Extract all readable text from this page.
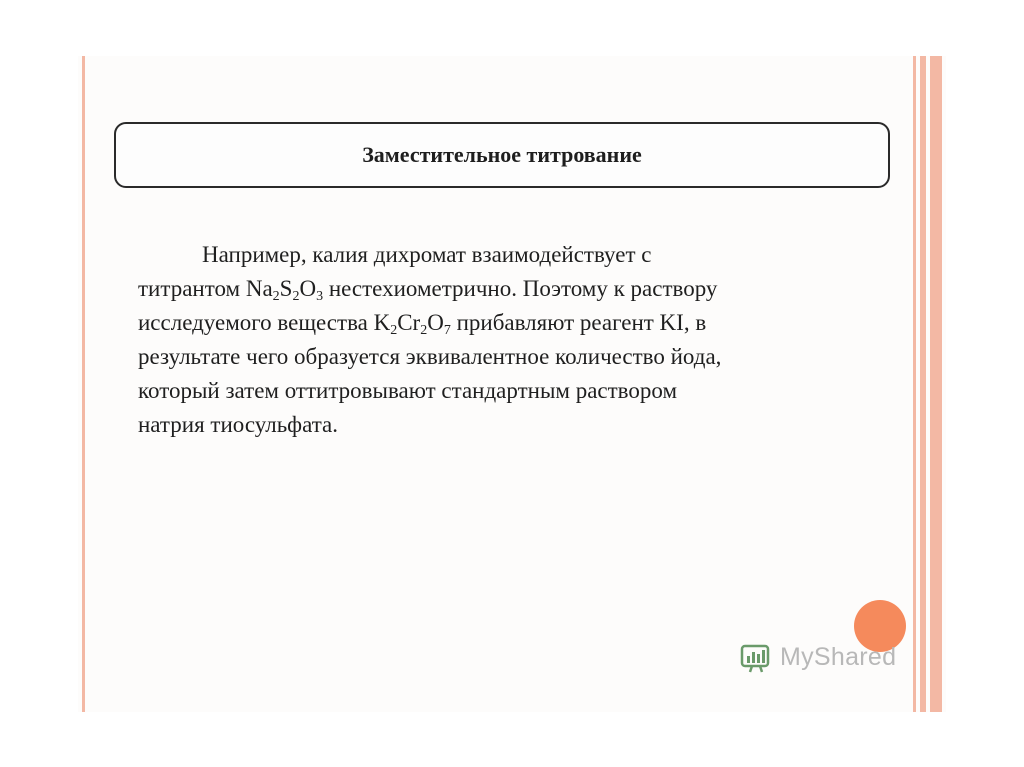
Заместительное титрование
Например, калия дихромат взаимодействует с
титрантом $Na_2S_2O_3$ нестехиометрично. Поэтому к раствору
исследуемого вещества $K_2Cr_2O_7$ прибавляют реагент KI, в
результате чего образуется эквивалентное количество йода,
который затем оттитровывают стандартным раствором
натрия тиосульфата.
MyShared
